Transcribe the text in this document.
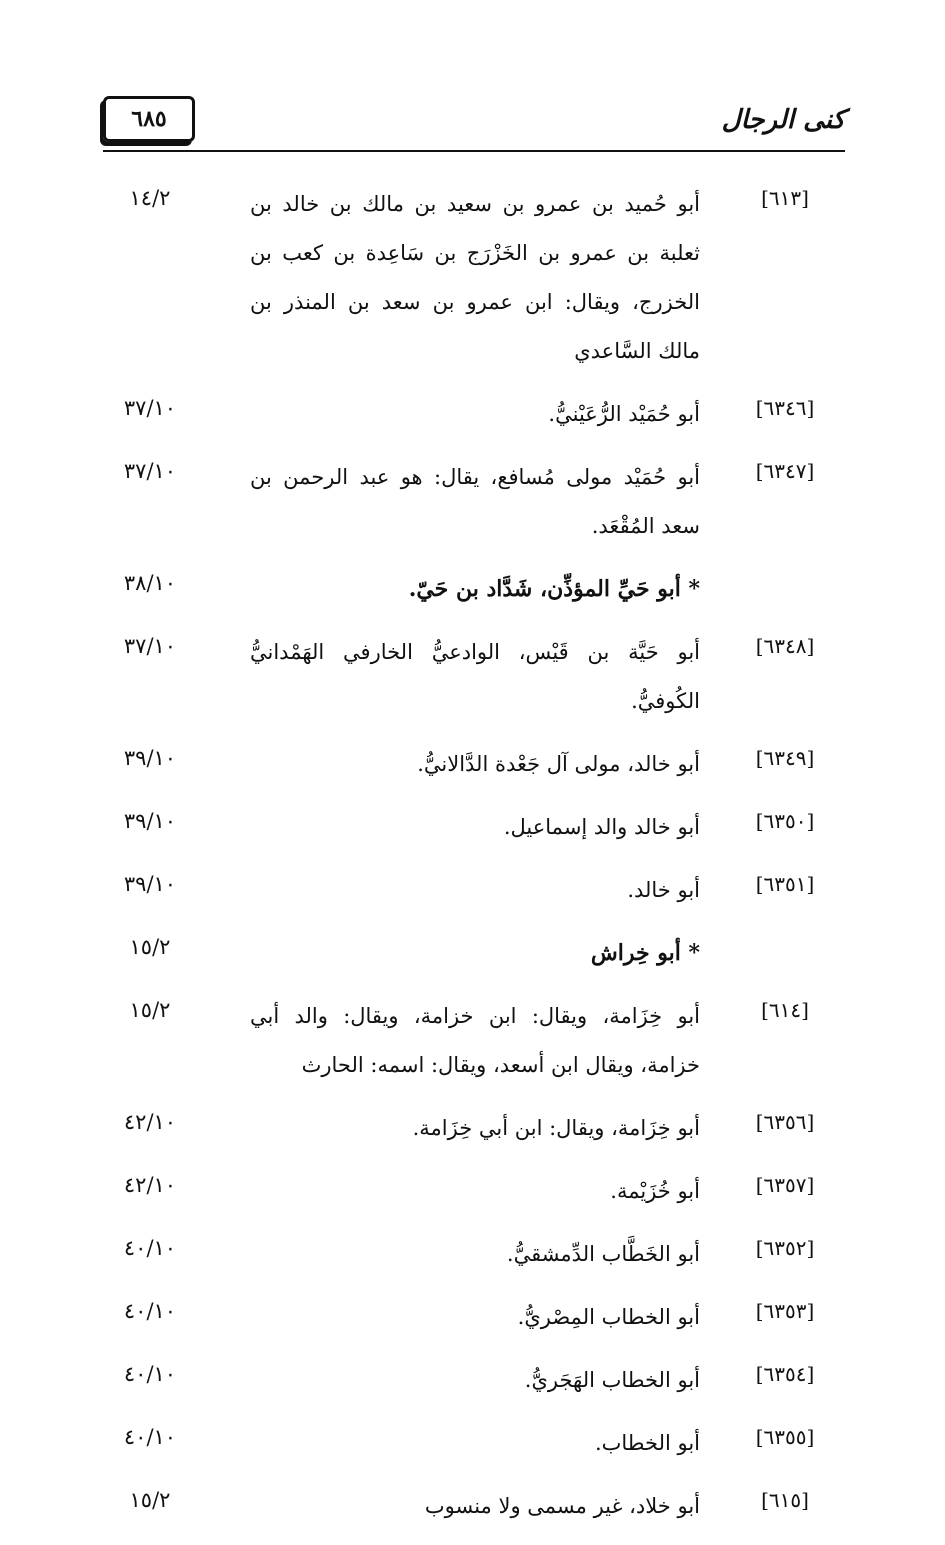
كنى الرجال
٦٨٥
[٦١٣]
أبو حُميد بن عمرو بن سعيد بن مالك بن خالد بن ثعلبة بن عمرو بن الخَزْرَج بن سَاعِدة بن كعب بن الخزرج، ويقال: ابن عمرو بن سعد بن المنذر بن مالك السَّاعدي
١٤/٢
[٦٣٤٦]
أبو حُمَيْد الرُّعَيْنيُّ.
٣٧/١٠
[٦٣٤٧]
أبو حُمَيْد مولى مُسافع، يقال: هو عبد الرحمن بن سعد المُقْعَد.
٣٧/١٠
* أبو حَيِّ المؤذِّن، شَدَّاد بن حَيّ.
٣٨/١٠
[٦٣٤٨]
أبو حَيَّة بن قَيْس، الوادعيُّ الخارفي الهَمْدانيُّ الكُوفيُّ.
٣٧/١٠
[٦٣٤٩]
أبو خالد، مولى آل جَعْدة الدَّالانيُّ.
٣٩/١٠
[٦٣٥٠]
أبو خالد والد إسماعيل.
٣٩/١٠
[٦٣٥١]
أبو خالد.
٣٩/١٠
* أبو خِراش
١٥/٢
[٦١٤]
أبو خِزَامة، ويقال: ابن خزامة، ويقال: والد أبي خزامة، ويقال ابن أسعد، ويقال: اسمه: الحارث
١٥/٢
[٦٣٥٦]
أبو خِزَامة، ويقال: ابن أبي خِزَامة.
٤٢/١٠
[٦٣٥٧]
أبو خُزَيْمة.
٤٢/١٠
[٦٣٥٢]
أبو الخَطَّاب الدِّمشقيُّ.
٤٠/١٠
[٦٣٥٣]
أبو الخطاب المِصْريُّ.
٤٠/١٠
[٦٣٥٤]
أبو الخطاب الهَجَريُّ.
٤٠/١٠
[٦٣٥٥]
أبو الخطاب.
٤٠/١٠
[٦١٥]
أبو خلاد، غير مسمى ولا منسوب
١٥/٢
